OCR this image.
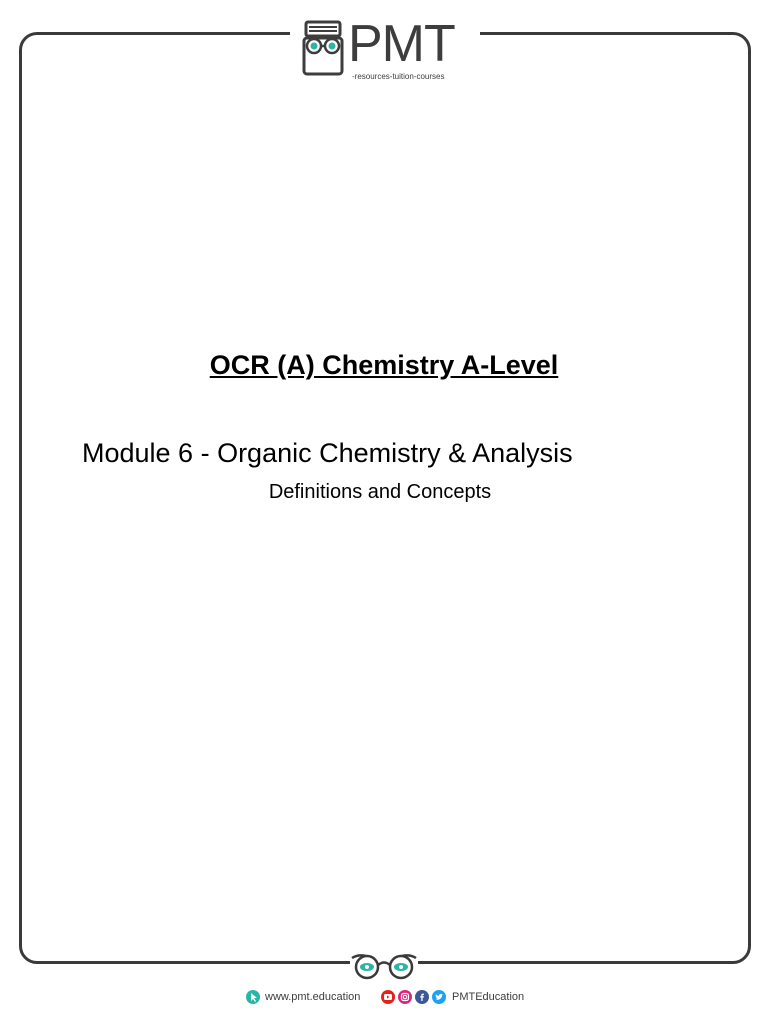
PMT
-resources-tuition-courses
OCR (A) Chemistry A-Level
Module 6 - Organic Chemistry & Analysis
Definitions and Concepts
www.pmt.education	PMTEducation
